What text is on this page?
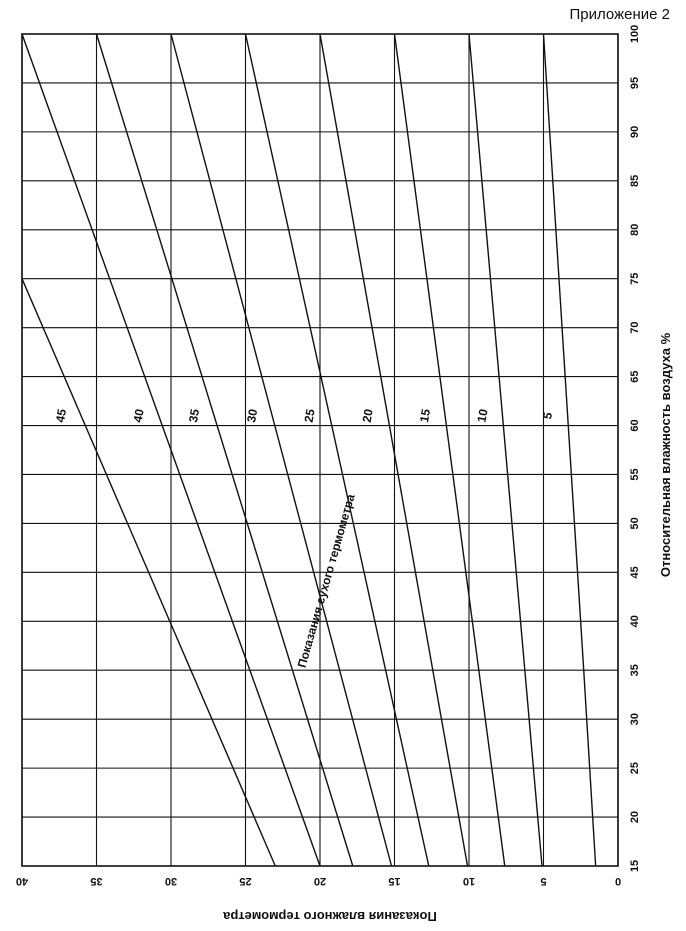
Приложение 2
15
20
25
30
35
40
45
50
55
60
65
70
75
80
85
90
95
100
0
5
10
15
20
25
30
35
40
5
10
15
20
25
30
35
40
45	Относительная влажность воздуха %
Показания влажного термометра
Показания сухого термометра
